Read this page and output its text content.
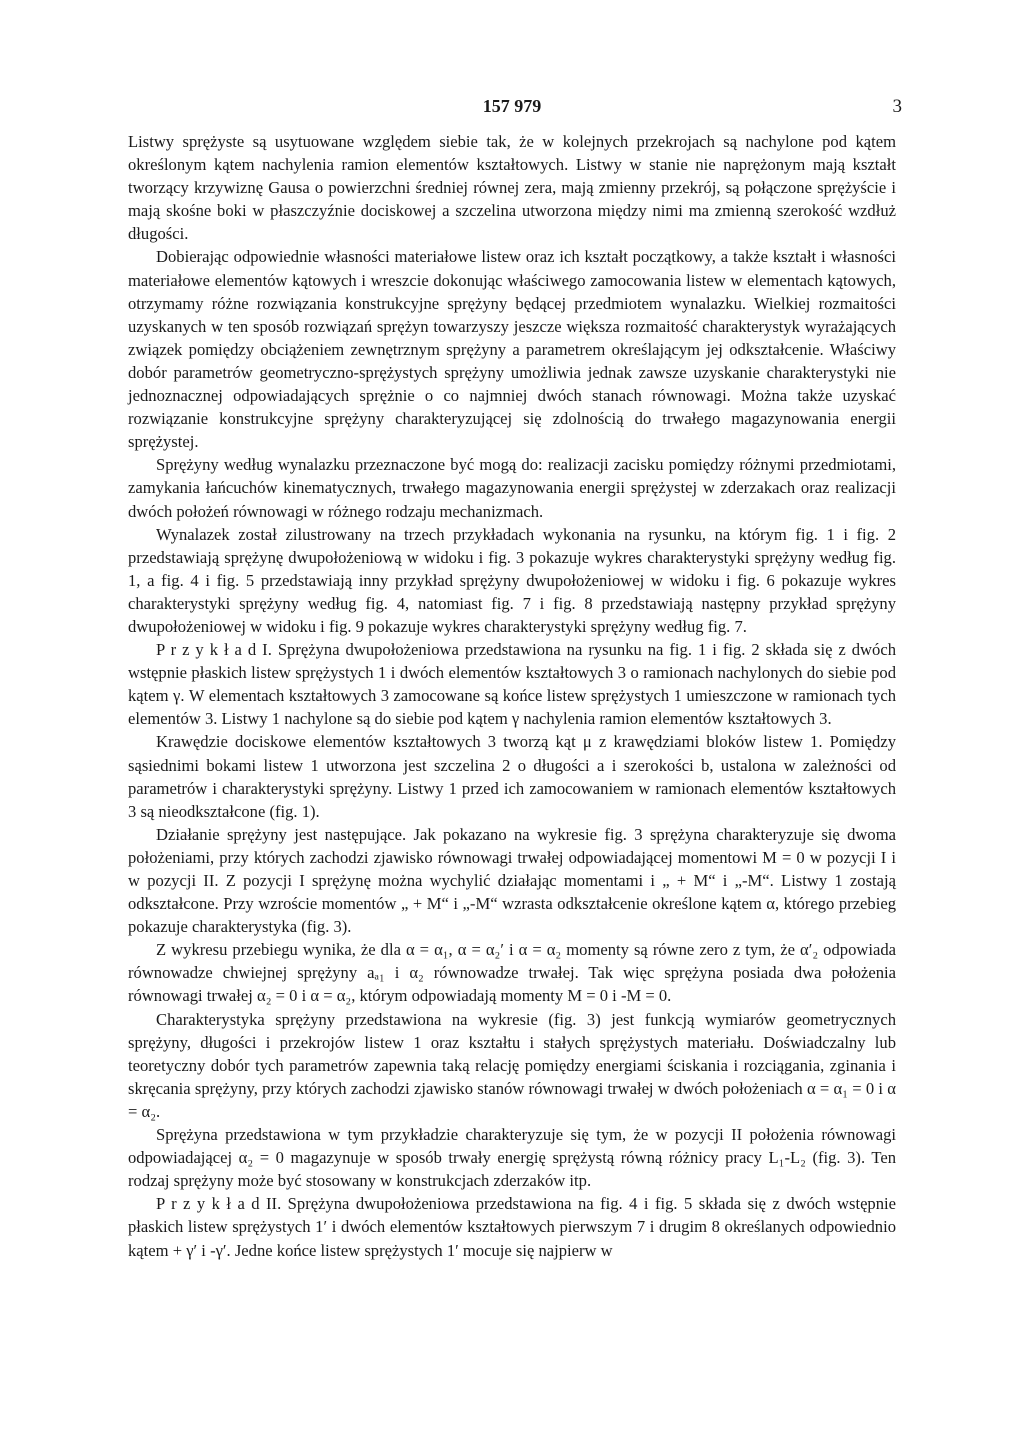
157 979	3

Listwy sprężyste są usytuowane względem siebie tak, że w kolejnych przekrojach są nachylone pod kątem określonym kątem nachylenia ramion elementów kształtowych. Listwy w stanie nie naprężonym mają kształt tworzący krzywiznę Gausa o powierzchni średniej równej zera, mają zmienny przekrój, są połączone sprężyście i mają skośne boki w płaszczyźnie dociskowej a szczelina utworzona między nimi ma zmienną szerokość wzdłuż długości.

Dobierając odpowiednie własności materiałowe listew oraz ich kształt początkowy, a także kształt i własności materiałowe elementów kątowych i wreszcie dokonując właściwego zamocowania listew w elementach kątowych, otrzymamy różne rozwiązania konstrukcyjne sprężyny będącej przedmiotem wynalazku. Wielkiej rozmaitości uzyskanych w ten sposób rozwiązań sprężyn towarzyszy jeszcze większa rozmaitość charakterystyk wyrażających związek pomiędzy obciążeniem zewnętrznym sprężyny a parametrem określającym jej odkształcenie. Właściwy dobór parametrów geometryczno-sprężystych sprężyny umożliwia jednak zawsze uzyskanie charakterystyki nie jednoznacznej odpowiadających sprężnie o co najmniej dwóch stanach równowagi. Można także uzyskać rozwiązanie konstrukcyjne sprężyny charakteryzującej się zdolnością do trwałego magazynowania energii sprężystej.

Sprężyny według wynalazku przeznaczone być mogą do: realizacji zacisku pomiędzy różnymi przedmiotami, zamykania łańcuchów kinematycznych, trwałego magazynowania energii sprężystej w zderzakach oraz realizacji dwóch położeń równowagi w różnego rodzaju mechanizmach.

Wynalazek został zilustrowany na trzech przykładach wykonania na rysunku, na którym fig. 1 i fig. 2 przedstawiają sprężynę dwupołożeniową w widoku i fig. 3 pokazuje wykres charakterystyki sprężyny według fig. 1, a fig. 4 i fig. 5 przedstawiają inny przykład sprężyny dwupołożeniowej w widoku i fig. 6 pokazuje wykres charakterystyki sprężyny według fig. 4, natomiast fig. 7 i fig. 8 przedstawiają następny przykład sprężyny dwupołożeniowej w widoku i fig. 9 pokazuje wykres charakterystyki sprężyny według fig. 7.

P r z y k ł a d I. Sprężyna dwupołożeniowa przedstawiona na rysunku na fig. 1 i fig. 2 składa się z dwóch wstępnie płaskich listew sprężystych 1 i dwóch elementów kształtowych 3 o ramionach nachylonych do siebie pod kątem γ. W elementach kształtowych 3 zamocowane są końce listew sprężystych 1 umieszczone w ramionach tych elementów 3. Listwy 1 nachylone są do siebie pod kątem γ nachylenia ramion elementów kształtowych 3.

Krawędzie dociskowe elementów kształtowych 3 tworzą kąt μ z krawędziami bloków listew 1. Pomiędzy sąsiednimi bokami listew 1 utworzona jest szczelina 2 o długości a i szerokości b, ustalona w zależności od parametrów i charakterystyki sprężyny. Listwy 1 przed ich zamocowaniem w ramionach elementów kształtowych 3 są nieodkształcone (fig. 1).

Działanie sprężyny jest następujące. Jak pokazano na wykresie fig. 3 sprężyna charakteryzuje się dwoma położeniami, przy których zachodzi zjawisko równowagi trwałej odpowiadającej momentowi M = 0 w pozycji I i w pozycji II. Z pozycji I sprężynę można wychylić działając momentami i „ + M“ i „-M“. Listwy 1 zostają odkształcone. Przy wzroście momentów „ + M“ i „-M“ wzrasta odkształcenie określone kątem α, którego przebieg pokazuje charakterystyka (fig. 3).

Z wykresu przebiegu wynika, że dla α = α₁, α = α₂′ i α = α₂ momenty są równe zero z tym, że α′₂ odpowiada równowadze chwiejnej sprężyny aₐ₁ i α₂ równowadze trwałej. Tak więc sprężyna posiada dwa położenia równowagi trwałej α₂ = 0 i α = α₂, którym odpowiadają momenty M = 0 i -M = 0.

Charakterystyka sprężyny przedstawiona na wykresie (fig. 3) jest funkcją wymiarów geometrycznych sprężyny, długości i przekrojów listew 1 oraz kształtu i stałych sprężystych materiału. Doświadczalny lub teoretyczny dobór tych parametrów zapewnia taką relację pomiędzy energiami ściskania i rozciągania, zginania i skręcania sprężyny, przy których zachodzi zjawisko stanów równowagi trwałej w dwóch położeniach α = α₁ = 0 i α = α₂.

Sprężyna przedstawiona w tym przykładzie charakteryzuje się tym, że w pozycji II położenia równowagi odpowiadającej α₂ = 0 magazynuje w sposób trwały energię sprężystą równą różnicy pracy L₁-L₂ (fig. 3). Ten rodzaj sprężyny może być stosowany w konstrukcjach zderzaków itp.

P r z y k ł a d II. Sprężyna dwupołożeniowa przedstawiona na fig. 4 i fig. 5 składa się z dwóch wstępnie płaskich listew sprężystych 1′ i dwóch elementów kształtowych pierwszym 7 i drugim 8 określanych odpowiednio kątem + γ′ i -γ′. Jedne końce listew sprężystych 1′ mocuje się najpierw w
